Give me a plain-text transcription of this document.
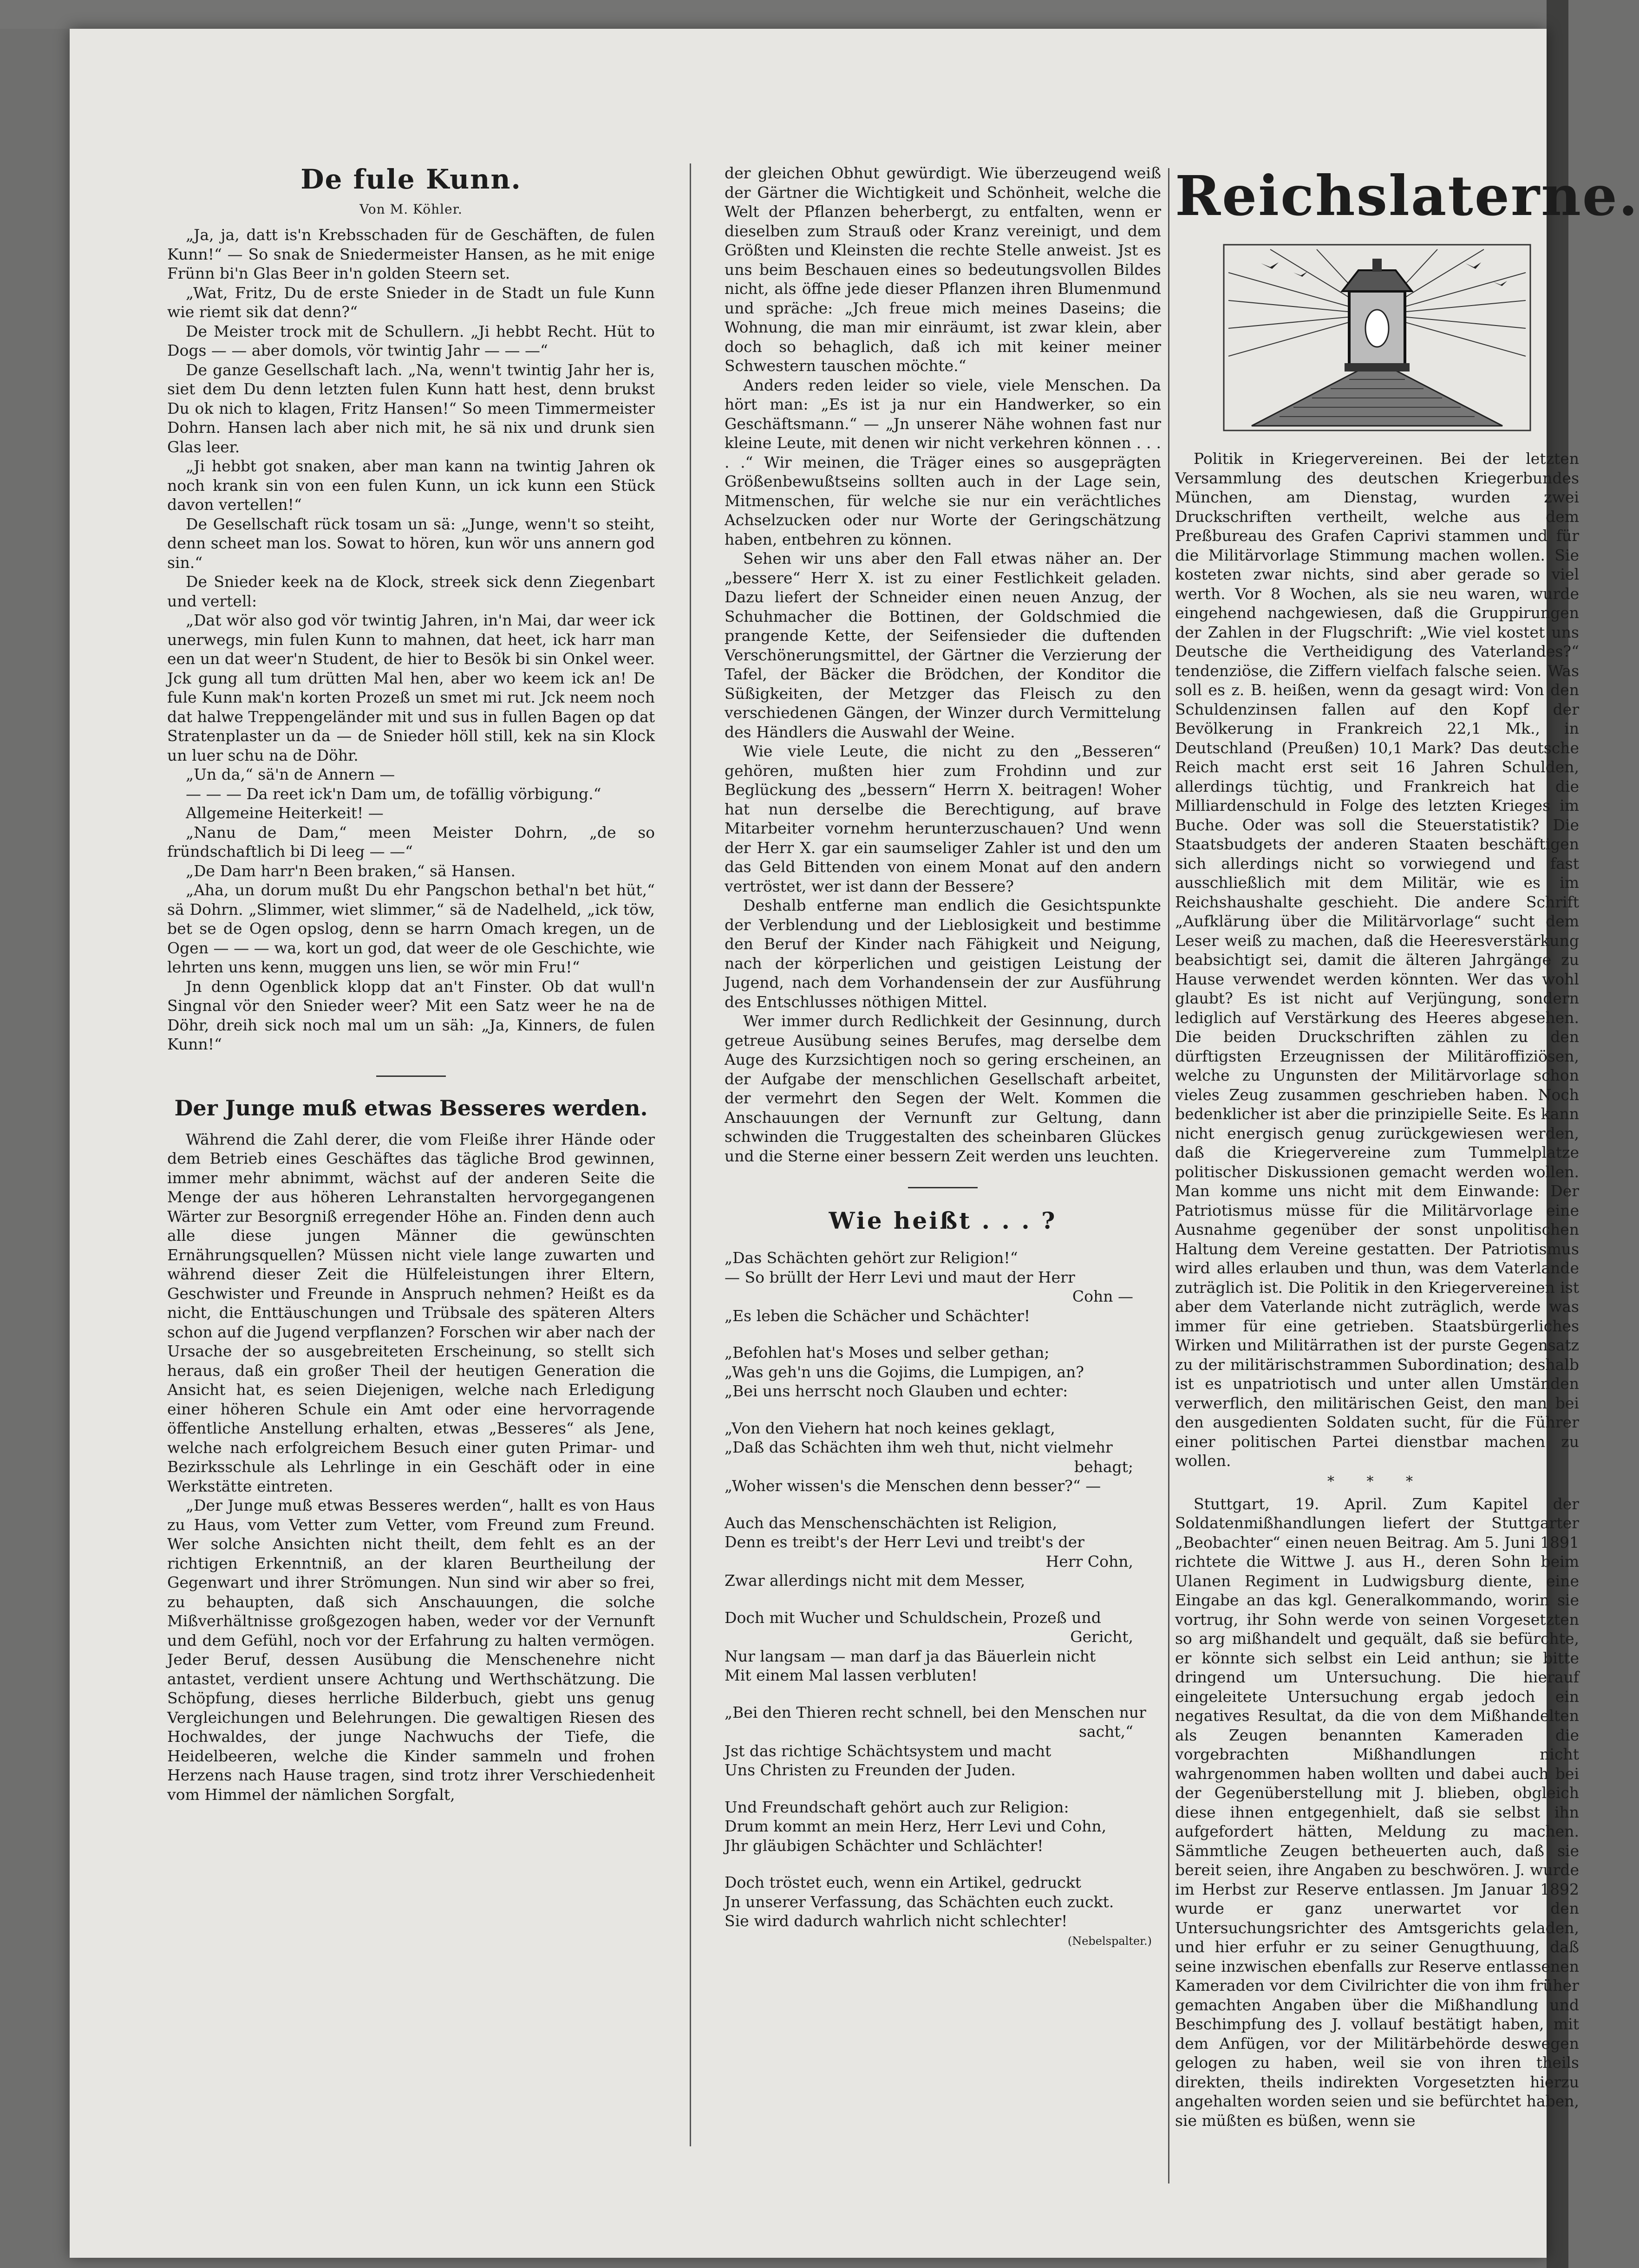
De fule Kunn.
Von M. Köhler.

„Ja, ja, datt is'n Krebsschaden für de Geschäften, de fulen Kunn!“ — So snak de Sniedermeister Hansen, as he mit enige Frünn bi'n Glas Beer in'n golden Steern set.

„Wat, Fritz, Du de erste Snieder in de Stadt un fule Kunn wie riemt sik dat denn?“

De Meister trock mit de Schullern. „Ji hebbt Recht. Hüt to Dogs — — aber domols, vör twintig Jahr — — —“

De ganze Gesellschaft lach. „Na, wenn't twintig Jahr her is, siet dem Du denn letzten fulen Kunn hatt hest, denn brukst Du ok nich to klagen, Fritz Hansen!“ So meen Timmermeister Dohrn. Hansen lach aber nich mit, he sä nix und drunk sien Glas leer.

„Ji hebbt got snaken, aber man kann na twintig Jahren ok noch krank sin von een fulen Kunn, un ick kunn een Stück davon vertellen!“

De Gesellschaft rück tosam un sä: „Junge, wenn't so steiht, denn scheet man los. Sowat to hören, kun wör uns annern god sin.“

De Snieder keek na de Klock, streek sick denn Ziegenbart und vertell:

„Dat wör also god vör twintig Jahren, in'n Mai, dar weer ick unerwegs, min fulen Kunn to mahnen, dat heet, ick harr man een un dat weer'n Student, de hier to Besök bi sin Onkel weer. Jck gung all tum drütten Mal hen, aber wo keem ick an! De fule Kunn mak'n korten Prozeß un smet mi rut. Jck neem noch dat halwe Treppengeländer mit und sus in fullen Bagen op dat Stratenplaster un da — de Snieder höll still, kek na sin Klock un luer schu na de Döhr.

„Un da,“ sä'n de Annern —

— — — Da reet ick'n Dam um, de tofällig vörbigung.“

Allgemeine Heiterkeit! —

„Nanu de Dam,“ meen Meister Dohrn, „de so fründschaftlich bi Di leeg — —“

„De Dam harr'n Been braken,“ sä Hansen.

„Aha, un dorum mußt Du ehr Pangschon bethal'n bet hüt,“ sä Dohrn. „Slimmer, wiet slimmer,“ sä de Nadelheld, „ick töw, bet se de Ogen opslog, denn se harrn Omach kregen, un de Ogen — — — wa, kort un god, dat weer de ole Geschichte, wie lehrten uns kenn, muggen uns lien, se wör min Fru!“

Jn denn Ogenblick klopp dat an't Finster. Ob dat wull'n Singnal vör den Snieder weer? Mit een Satz weer he na de Döhr, dreih sick noch mal um un säh: „Ja, Kinners, de fulen Kunn!“

Der Junge muß etwas Besseres werden.

Während die Zahl derer, die vom Fleiße ihrer Hände oder dem Betrieb eines Geschäftes das tägliche Brod gewinnen, immer mehr abnimmt, wächst auf der anderen Seite die Menge der aus höheren Lehranstalten hervorgegangenen Wärter zur Besorgniß erregender Höhe an. Finden denn auch alle diese jungen Männer die gewünschten Ernährungsquellen? Müssen nicht viele lange zuwarten und während dieser Zeit die Hülfeleistungen ihrer Eltern, Geschwister und Freunde in Anspruch nehmen? Heißt es da nicht, die Enttäuschungen und Trübsale des späteren Alters schon auf die Jugend verpflanzen? Forschen wir aber nach der Ursache der so ausgebreiteten Erscheinung, so stellt sich heraus, daß ein großer Theil der heutigen Generation die Ansicht hat, es seien Diejenigen, welche nach Erledigung einer höheren Schule ein Amt oder eine hervorragende öffentliche Anstellung erhalten, etwas „Besseres“ als Jene, welche nach erfolgreichem Besuch einer guten Primar- und Bezirksschule als Lehrlinge in ein Geschäft oder in eine Werkstätte eintreten.

„Der Junge muß etwas Besseres werden“, hallt es von Haus zu Haus, vom Vetter zum Vetter, vom Freund zum Freund. Wer solche Ansichten nicht theilt, dem fehlt es an der richtigen Erkenntniß, an der klaren Beurtheilung der Gegenwart und ihrer Strömungen. Nun sind wir aber so frei, zu behaupten, daß sich Anschauungen, die solche Mißverhältnisse großgezogen haben, weder vor der Vernunft und dem Gefühl, noch vor der Erfahrung zu halten vermögen. Jeder Beruf, dessen Ausübung die Menschenehre nicht antastet, verdient unsere Achtung und Werthschätzung. Die Schöpfung, dieses herrliche Bilderbuch, giebt uns genug Vergleichungen und Belehrungen. Die gewaltigen Riesen des Hochwaldes, der junge Nachwuchs der Tiefe, die Heidelbeeren, welche die Kinder sammeln und frohen Herzens nach Hause tragen, sind trotz ihrer Verschiedenheit vom Himmel der nämlichen Sorgfalt,

der gleichen Obhut gewürdigt. Wie überzeugend weiß der Gärtner die Wichtigkeit und Schönheit, welche die Welt der Pflanzen beherbergt, zu entfalten, wenn er dieselben zum Strauß oder Kranz vereinigt, und dem Größten und Kleinsten die rechte Stelle anweist. Jst es uns beim Beschauen eines so bedeutungsvollen Bildes nicht, als öffne jede dieser Pflanzen ihren Blumenmund und spräche: „Jch freue mich meines Daseins; die Wohnung, die man mir einräumt, ist zwar klein, aber doch so behaglich, daß ich mit keiner meiner Schwestern tauschen möchte.“

Anders reden leider so viele, viele Menschen. Da hört man: „Es ist ja nur ein Handwerker, so ein Geschäftsmann.“ — „Jn unserer Nähe wohnen fast nur kleine Leute, mit denen wir nicht verkehren können . . . . .“ Wir meinen, die Träger eines so ausgeprägten Größenbewußtseins sollten auch in der Lage sein, Mitmenschen, für welche sie nur ein verächtliches Achselzucken oder nur Worte der Geringschätzung haben, entbehren zu können.

Sehen wir uns aber den Fall etwas näher an. Der „bessere“ Herr X. ist zu einer Festlichkeit geladen. Dazu liefert der Schneider einen neuen Anzug, der Schuhmacher die Bottinen, der Goldschmied die prangende Kette, der Seifensieder die duftenden Verschönerungsmittel, der Gärtner die Verzierung der Tafel, der Bäcker die Brödchen, der Konditor die Süßigkeiten, der Metzger das Fleisch zu den verschiedenen Gängen, der Winzer durch Vermittelung des Händlers die Auswahl der Weine.

Wie viele Leute, die nicht zu den „Besseren“ gehören, mußten hier zum Frohdinn und zur Beglückung des „bessern“ Herrn X. beitragen! Woher hat nun derselbe die Berechtigung, auf brave Mitarbeiter vornehm herunterzuschauen? Und wenn der Herr X. gar ein saumseliger Zahler ist und den um das Geld Bittenden von einem Monat auf den andern vertröstet, wer ist dann der Bessere?

Deshalb entferne man endlich die Gesichtspunkte der Verblendung und der Lieblosigkeit und bestimme den Beruf der Kinder nach Fähigkeit und Neigung, nach der körperlichen und geistigen Leistung der Jugend, nach dem Vorhandensein der zur Ausführung des Entschlusses nöthigen Mittel.

Wer immer durch Redlichkeit der Gesinnung, durch getreue Ausübung seines Berufes, mag derselbe dem Auge des Kurzsichtigen noch so gering erscheinen, an der Aufgabe der menschlichen Gesellschaft arbeitet, der vermehrt den Segen der Welt. Kommen die Anschauungen der Vernunft zur Geltung, dann schwinden die Truggestalten des scheinbaren Glückes und die Sterne einer bessern Zeit werden uns leuchten.

Wie heißt . . . ?

„Das Schächten gehört zur Religion!“

— So brüllt der Herr Levi und maut der Herr

Cohn —

„Es leben die Schächer und Schächter!

„Befohlen hat's Moses und selber gethan;

„Was geh'n uns die Gojims, die Lumpigen, an?

„Bei uns herrscht noch Glauben und echter:

„Von den Viehern hat noch keines geklagt,

„Daß das Schächten ihm weh thut, nicht vielmehr

behagt;

„Woher wissen's die Menschen denn besser?“ —

Auch das Menschenschächten ist Religion,

Denn es treibt's der Herr Levi und treibt's der

Herr Cohn,

Zwar allerdings nicht mit dem Messer,

Doch mit Wucher und Schuldschein, Prozeß und

Gericht,

Nur langsam — man darf ja das Bäuerlein nicht

Mit einem Mal lassen verbluten!

„Bei den Thieren recht schnell, bei den Menschen nur

sacht,“

Jst das richtige Schächtsystem und macht

Uns Christen zu Freunden der Juden.

Und Freundschaft gehört auch zur Religion:

Drum kommt an mein Herz, Herr Levi und Cohn,

Jhr gläubigen Schächter und Schlächter!

Doch tröstet euch, wenn ein Artikel, gedruckt

Jn unserer Verfassung, das Schächten euch zuckt.

Sie wird dadurch wahrlich nicht schlechter!

(Nebelspalter.)
Reichslaterne.

Politik in Kriegervereinen. Bei der letzten Versammlung des deutschen Kriegerbundes München, am Dienstag, wurden zwei Druckschriften vertheilt, welche aus dem Preßbureau des Grafen Caprivi stammen und für die Militärvorlage Stimmung machen wollen. Sie kosteten zwar nichts, sind aber gerade so viel werth. Vor 8 Wochen, als sie neu waren, wurde eingehend nachgewiesen, daß die Gruppirungen der Zahlen in der Flugschrift: „Wie viel kostet uns Deutsche die Vertheidigung des Vaterlandes?“ tendenziöse, die Ziffern vielfach falsche seien. Was soll es z. B. heißen, wenn da gesagt wird: Von den Schuldenzinsen fallen auf den Kopf der Bevölkerung in Frankreich 22,1 Mk., in Deutschland (Preußen) 10,1 Mark? Das deutsche Reich macht erst seit 16 Jahren Schulden, allerdings tüchtig, und Frankreich hat die Milliardenschuld in Folge des letzten Krieges im Buche. Oder was soll die Steuerstatistik? Die Staatsbudgets der anderen Staaten beschäftigen sich allerdings nicht so vorwiegend und fast ausschließlich mit dem Militär, wie es im Reichshaushalte geschieht. Die andere Schrift „Aufklärung über die Militärvorlage“ sucht dem Leser weiß zu machen, daß die Heeresverstärkung beabsichtigt sei, damit die älteren Jahrgänge zu Hause verwendet werden könnten. Wer das wohl glaubt? Es ist nicht auf Verjüngung, sondern lediglich auf Verstärkung des Heeres abgesehen. Die beiden Druckschriften zählen zu den dürftigsten Erzeugnissen der Militäroffiziösen, welche zu Ungunsten der Militärvorlage schon vieles Zeug zusammen geschrieben haben. Noch bedenklicher ist aber die prinzipielle Seite. Es kann nicht energisch genug zurückgewiesen werden, daß die Kriegervereine zum Tummelplatze politischer Diskussionen gemacht werden wollen. Man komme uns nicht mit dem Einwande: Der Patriotismus müsse für die Militärvorlage eine Ausnahme gegenüber der sonst unpolitischen Haltung dem Vereine gestatten. Der Patriotismus wird alles erlauben und thun, was dem Vaterlande zuträglich ist. Die Politik in den Kriegervereinen ist aber dem Vaterlande nicht zuträglich, werde was immer für eine getrieben. Staatsbürgerliches Wirken und Militärrathen ist der purste Gegensatz zu der militärischstrammen Subordination; deshalb ist es unpatriotisch und unter allen Umständen verwerflich, den militärischen Geist, den man bei den ausgedienten Soldaten sucht, für die Führer einer politischen Partei dienstbar machen zu wollen.

* * *

Stuttgart, 19. April. Zum Kapitel der Soldatenmißhandlungen liefert der Stuttgarter „Beobachter“ einen neuen Beitrag. Am 5. Juni 1891 richtete die Wittwe J. aus H., deren Sohn beim Ulanen Regiment in Ludwigsburg diente, eine Eingabe an das kgl. Generalkommando, worin sie vortrug, ihr Sohn werde von seinen Vorgesetzten so arg mißhandelt und gequält, daß sie befürchte, er könnte sich selbst ein Leid anthun; sie bitte dringend um Untersuchung. Die hierauf eingeleitete Untersuchung ergab jedoch ein negatives Resultat, da die von dem Mißhandelten als Zeugen benannten Kameraden die vorgebrachten Mißhandlungen nicht wahrgenommen haben wollten und dabei auch bei der Gegenüberstellung mit J. blieben, obgleich diese ihnen entgegenhielt, daß sie selbst ihn aufgefordert hätten, Meldung zu machen. Sämmtliche Zeugen betheuerten auch, daß sie bereit seien, ihre Angaben zu beschwören. J. wurde im Herbst zur Reserve entlassen. Jm Januar 1892 wurde er ganz unerwartet vor den Untersuchungsrichter des Amtsgerichts geladen, und hier erfuhr er zu seiner Genugthuung, daß seine inzwischen ebenfalls zur Reserve entlassenen Kameraden vor dem Civilrichter die von ihm früher gemachten Angaben über die Mißhandlung und Beschimpfung des J. vollauf bestätigt haben, mit dem Anfügen, vor der Militärbehörde deswegen gelogen zu haben, weil sie von ihren theils direkten, theils indirekten Vorgesetzten hierzu angehalten worden seien und sie befürchtet haben, sie müßten es büßen, wenn sie
